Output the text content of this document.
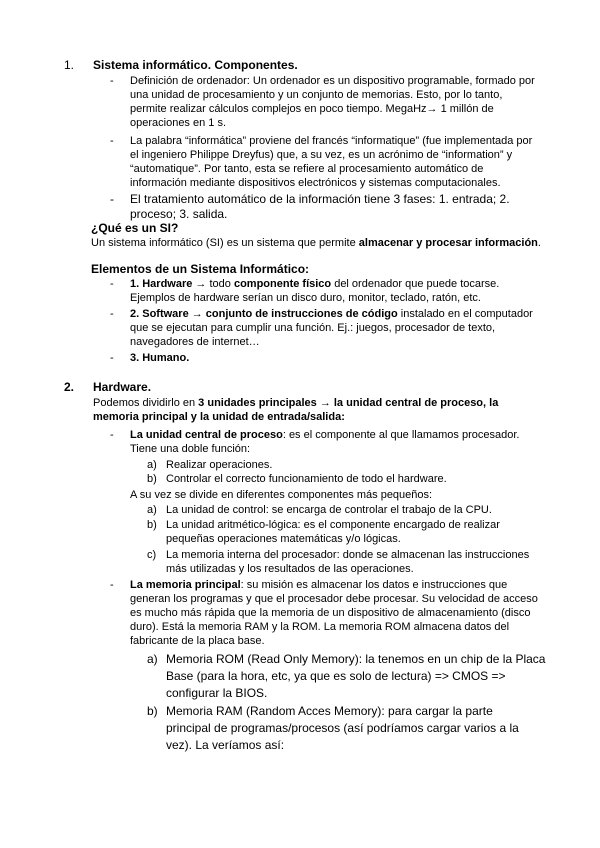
1. Sistema informático. Componentes.
- Definición de ordenador: Un ordenador es un dispositivo programable, formado por
una unidad de procesamiento y un conjunto de memorias. Esto, por lo tanto,
permite realizar cálculos complejos en poco tiempo. MegaHz→ 1 millón de
operaciones en 1 s.
- La palabra “informática” proviene del francés “informatique” (fue implementada por
el ingeniero Philippe Dreyfus) que, a su vez, es un acrónimo de “information” y
“automatique”. Por tanto, esta se refiere al procesamiento automático de
información mediante dispositivos electrónicos y sistemas computacionales.
- El tratamiento automático de la información tiene 3 fases: 1. entrada; 2.
proceso; 3. salida.
¿Qué es un SI?
Un sistema informático (SI) es un sistema que permite almacenar y procesar información.
Elementos de un Sistema Informático:
- 1. Hardware → todo componente físico del ordenador que puede tocarse.
Ejemplos de hardware serían un disco duro, monitor, teclado, ratón, etc.
- 2. Software → conjunto de instrucciones de código instalado en el computador
que se ejecutan para cumplir una función. Ej.: juegos, procesador de texto,
navegadores de internet…
- 3. Humano.
2. Hardware.
Podemos dividirlo en 3 unidades principales → la unidad central de proceso, la
memoria principal y la unidad de entrada/salida:
- La unidad central de proceso: es el componente al que llamamos procesador.
Tiene una doble función:
a) Realizar operaciones.
b) Controlar el correcto funcionamiento de todo el hardware.
A su vez se divide en diferentes componentes más pequeños:
a) La unidad de control: se encarga de controlar el trabajo de la CPU.
b) La unidad aritmético-lógica: es el componente encargado de realizar
pequeñas operaciones matemáticas y/o lógicas.
c) La memoria interna del procesador: donde se almacenan las instrucciones
más utilizadas y los resultados de las operaciones.
- La memoria principal: su misión es almacenar los datos e instrucciones que
generan los programas y que el procesador debe procesar. Su velocidad de acceso
es mucho más rápida que la memoria de un dispositivo de almacenamiento (disco
duro). Está la memoria RAM y la ROM. La memoria ROM almacena datos del
fabricante de la placa base.
a) Memoria ROM (Read Only Memory): la tenemos en un chip de la Placa
Base (para la hora, etc, ya que es solo de lectura) => CMOS =>
configurar la BIOS.
b) Memoria RAM (Random Acces Memory): para cargar la parte
principal de programas/procesos (así podríamos cargar varios a la
vez). La veríamos así:
